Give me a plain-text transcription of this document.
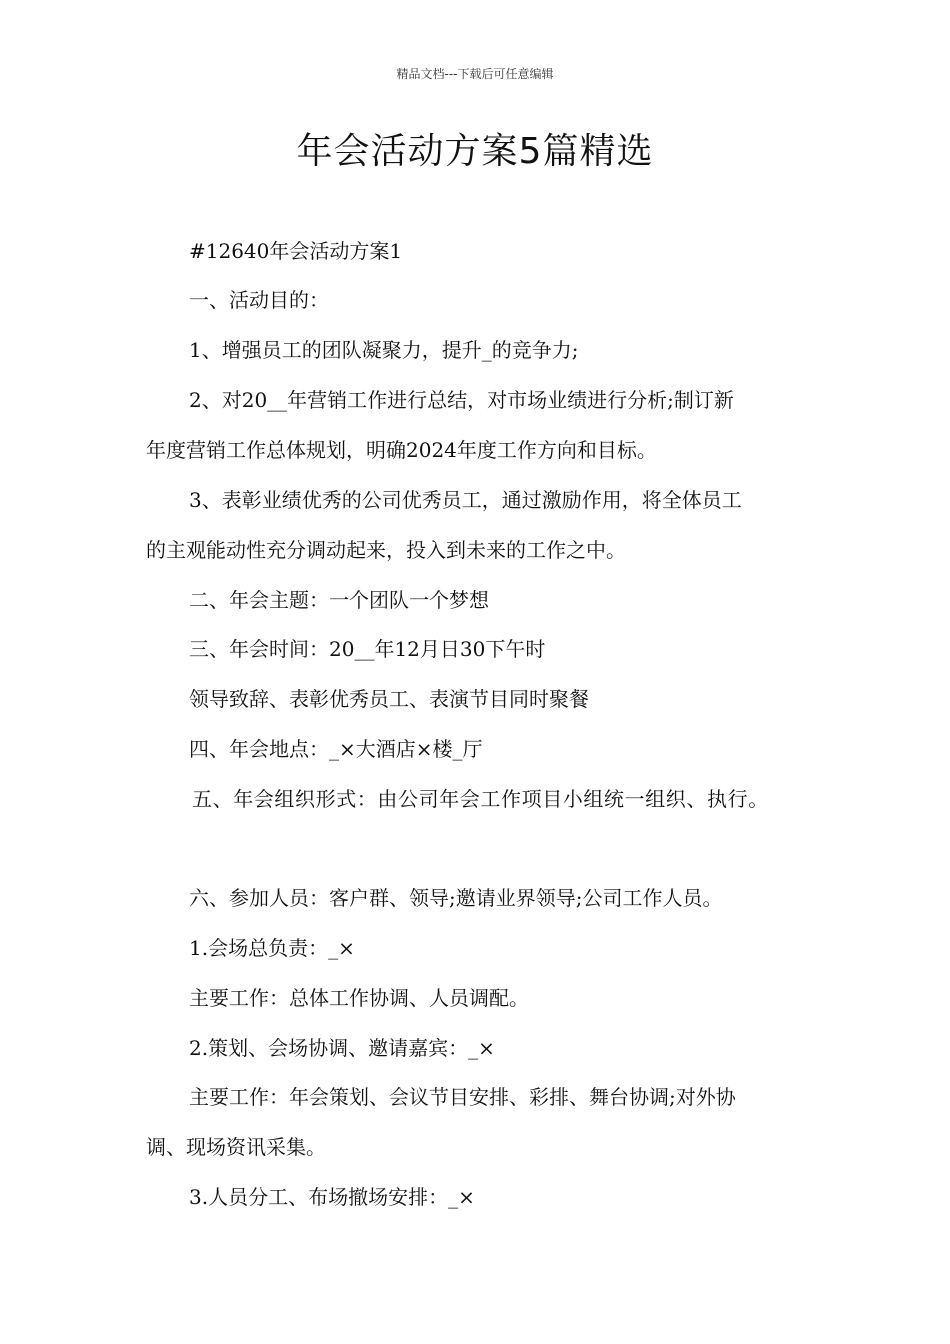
精品文档---下载后可任意编辑
年会活动方案5篇精选
#12640年会活动方案1
一、活动目的：
1、增强员工的团队凝聚力，提升_的竞争力;
2、对20__年营销工作进行总结，对市场业绩进行分析;制订新
年度营销工作总体规划，明确2024年度工作方向和目标。
3、表彰业绩优秀的公司优秀员工，通过激励作用，将全体员工
的主观能动性充分调动起来，投入到未来的工作之中。
二、年会主题：一个团队一个梦想
三、年会时间：20__年12月日30下午时
领导致辞、表彰优秀员工、表演节目同时聚餐
四、年会地点：_×大酒店×楼_厅
五、年会组织形式：由公司年会工作项目小组统一组织、执行。
六、参加人员：客户群、领导;邀请业界领导;公司工作人员。
1.会场总负责：_×
主要工作：总体工作协调、人员调配。
2.策划、会场协调、邀请嘉宾：_×
主要工作：年会策划、会议节目安排、彩排、舞台协调;对外协
调、现场资讯采集。
3.人员分工、布场撤场安排：_×
